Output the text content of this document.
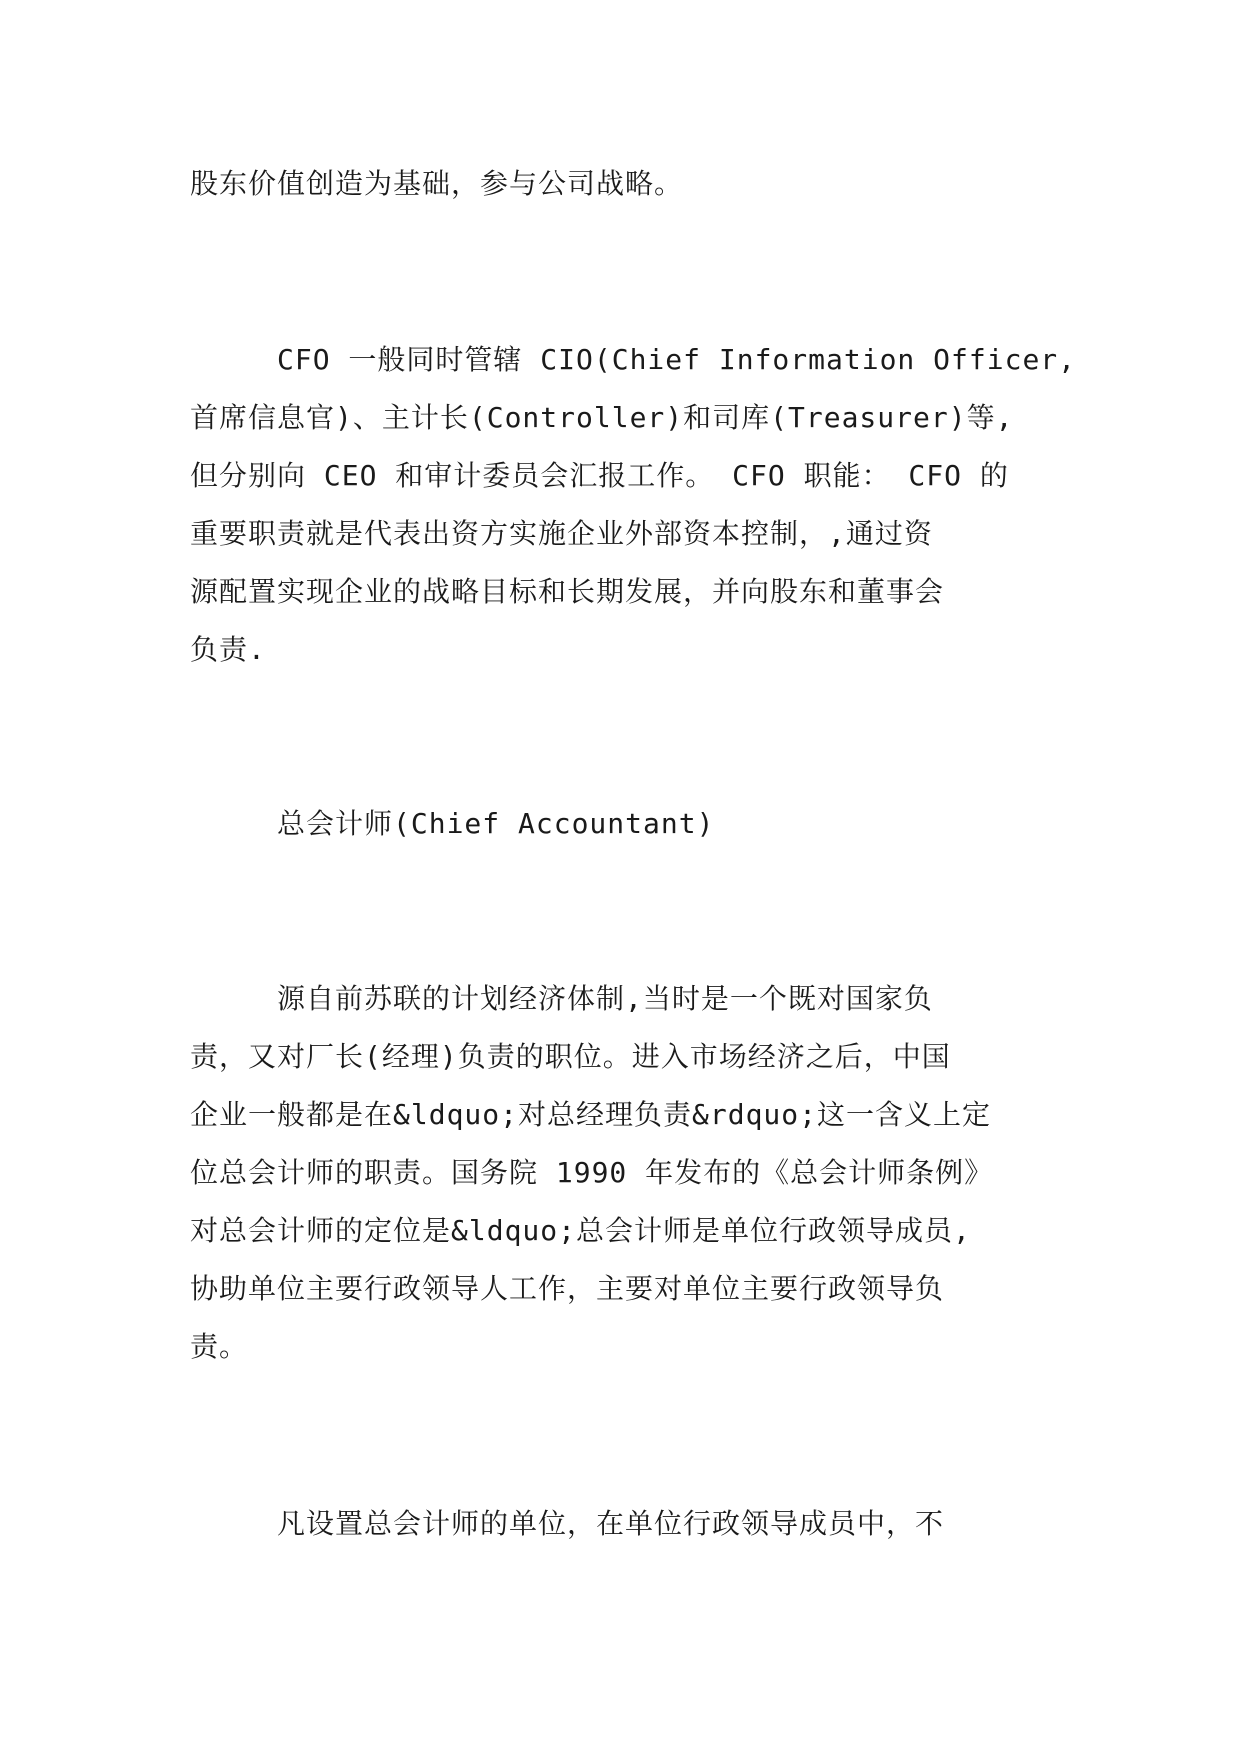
股东价值创造为基础，参与公司战略。
　　　CFO 一般同时管辖 CIO(Chief Information Officer,
首席信息官)、主计长(Controller)和司库(Treasurer)等,
但分别向 CEO 和审计委员会汇报工作。 CFO 职能： CFO 的
重要职责就是代表出资方实施企业外部资本控制，,通过资
源配置实现企业的战略目标和长期发展，并向股东和董事会
负责.
　　　总会计师(Chief Accountant)
　　　源自前苏联的计划经济体制,当时是一个既对国家负
责，又对厂长(经理)负责的职位。进入市场经济之后，中国
企业一般都是在&ldquo;对总经理负责&rdquo;这一含义上定
位总会计师的职责。国务院 1990 年发布的《总会计师条例》
对总会计师的定位是&ldquo;总会计师是单位行政领导成员,
协助单位主要行政领导人工作，主要对单位主要行政领导负
责。
　　　凡设置总会计师的单位，在单位行政领导成员中，不
